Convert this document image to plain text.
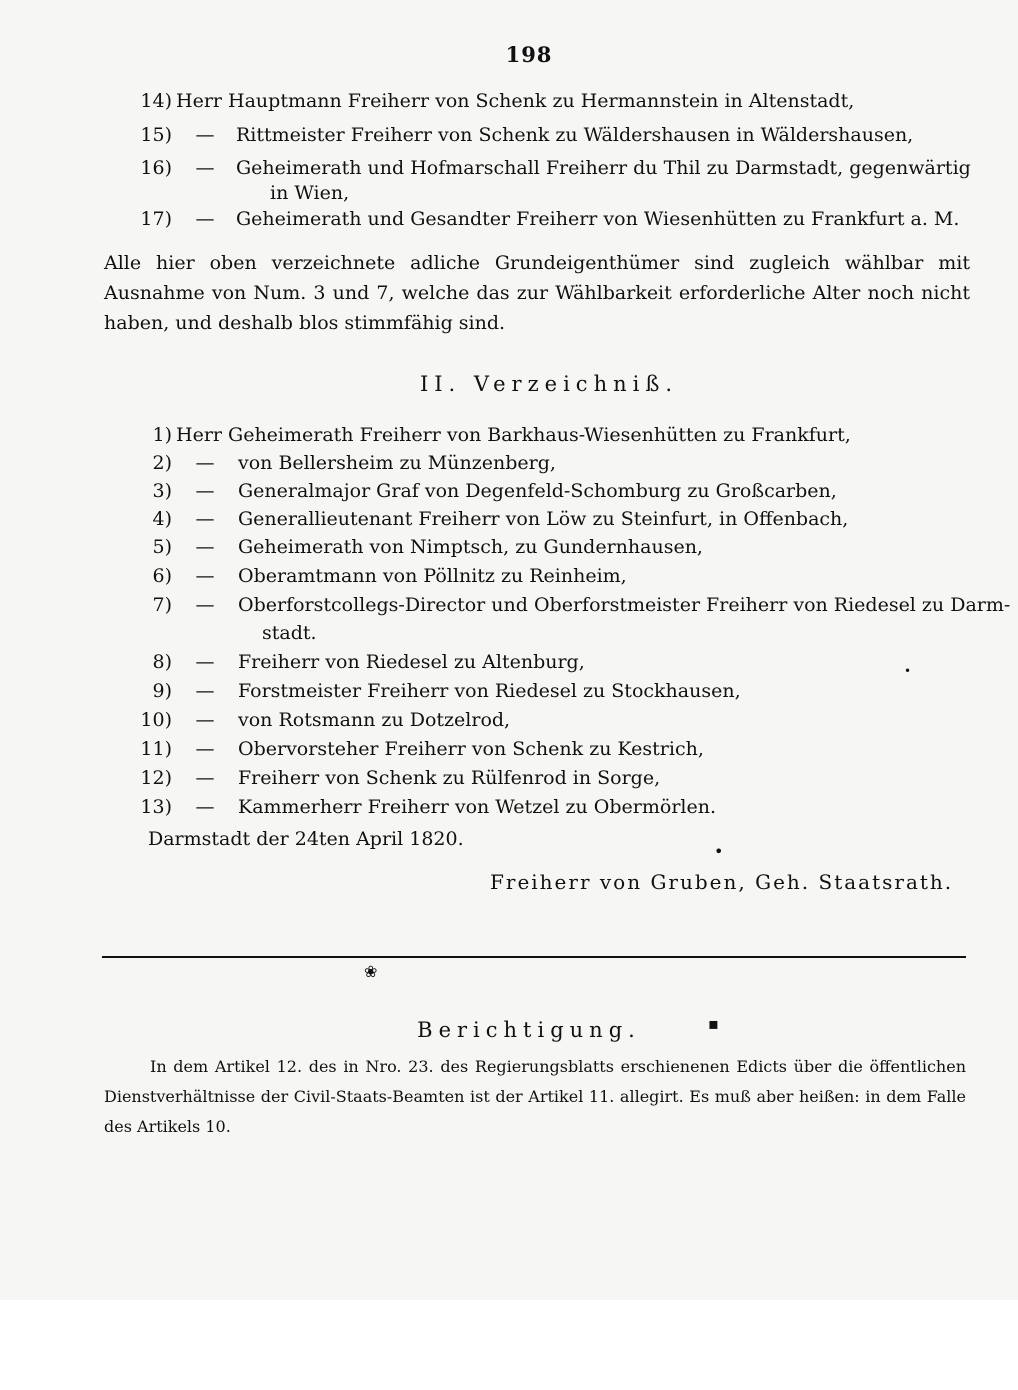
198
14) Herr Hauptmann Freiherr von Schenk zu Hermannstein in Altenstadt,
15) — Rittmeister Freiherr von Schenk zu Wäldershausen in Wäldershausen,
16) — Geheimerath und Hofmarschall Freiherr du Thil zu Darmstadt, gegenwärtig
in Wien,
17) — Geheimerath und Gesandter Freiherr von Wiesenhütten zu Frankfurt a. M.
Alle hier oben verzeichnete adliche Grundeigenthümer sind zugleich wählbar mit Ausnahme von Num. 3 und 7, welche das zur Wählbarkeit erforderliche Alter noch nicht haben, und deshalb blos stimmfähig sind.
II. Verzeichniß.
1) Herr Geheimerath Freiherr von Barkhaus-Wiesenhütten zu Frankfurt,
2) — von Bellersheim zu Münzenberg,
3) — Generalmajor Graf von Degenfeld-Schomburg zu Großcarben,
4) — Generallieutenant Freiherr von Löw zu Steinfurt, in Offenbach,
5) — Geheimerath von Nimptsch, zu Gundernhausen,
6) — Oberamtmann von Pöllnitz zu Reinheim,
7) — Oberforstcollegs-Director und Oberforstmeister Freiherr von Riedesel zu Darm-
stadt.
8) — Freiherr von Riedesel zu Altenburg,
9) — Forstmeister Freiherr von Riedesel zu Stockhausen,
10) — von Rotsmann zu Dotzelrod,
11) — Obervorsteher Freiherr von Schenk zu Kestrich,
12) — Freiherr von Schenk zu Rülfenrod in Sorge,
13) — Kammerherr Freiherr von Wetzel zu Obermörlen.
Darmstadt der 24ten April 1820.
•
•
Freiherr von Gruben, Geh. Staatsrath.
❀
Berichtigung.	▪
In dem Artikel 12. des in Nro. 23. des Regierungsblatts erschienenen Edicts über die öffentlichen Dienstverhältnisse der Civil-Staats-Beamten ist der Artikel 11. allegirt. Es muß aber heißen: in dem Falle des Artikels 10.
